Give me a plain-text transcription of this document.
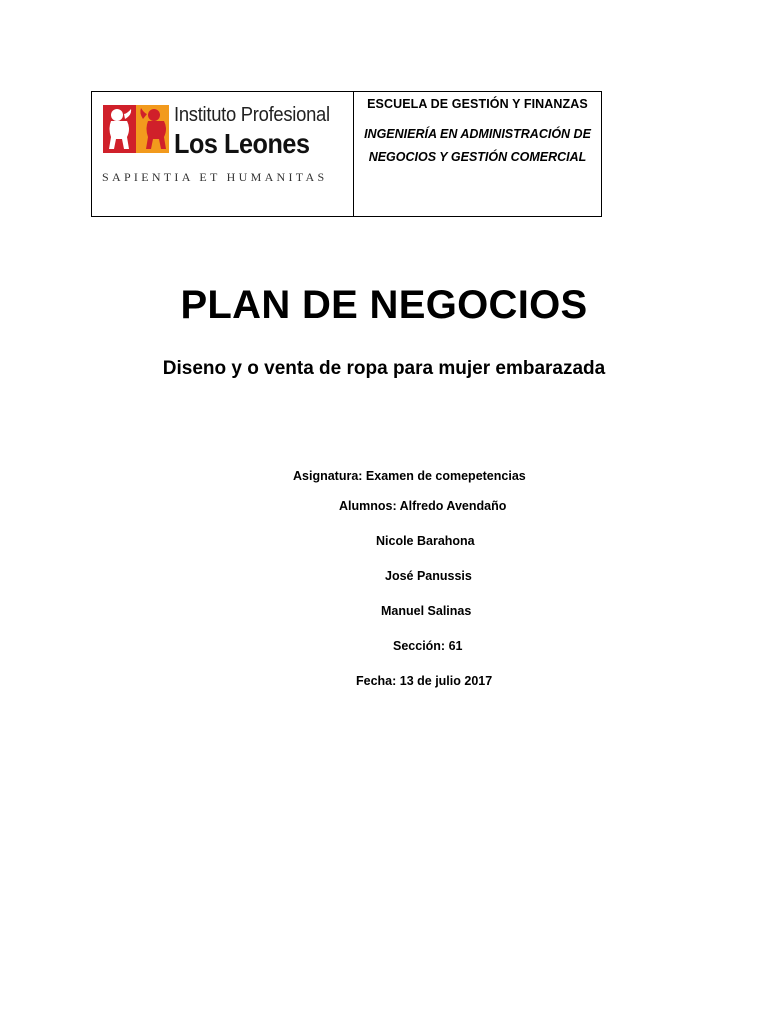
Instituto Profesional
Los Leones
SAPIENTIA ET HUMANITAS
ESCUELA DE GESTIÓN Y FINANZAS
INGENIERÍA EN ADMINISTRACIÓN DE
NEGOCIOS Y GESTIÓN COMERCIAL
PLAN DE NEGOCIOS
Diseno y o venta de ropa para mujer embarazada
Asignatura: Examen de comepetencias
Alumnos: Alfredo Avendaño
Nicole Barahona
José Panussis
Manuel Salinas
Sección: 61
Fecha: 13 de julio 2017
